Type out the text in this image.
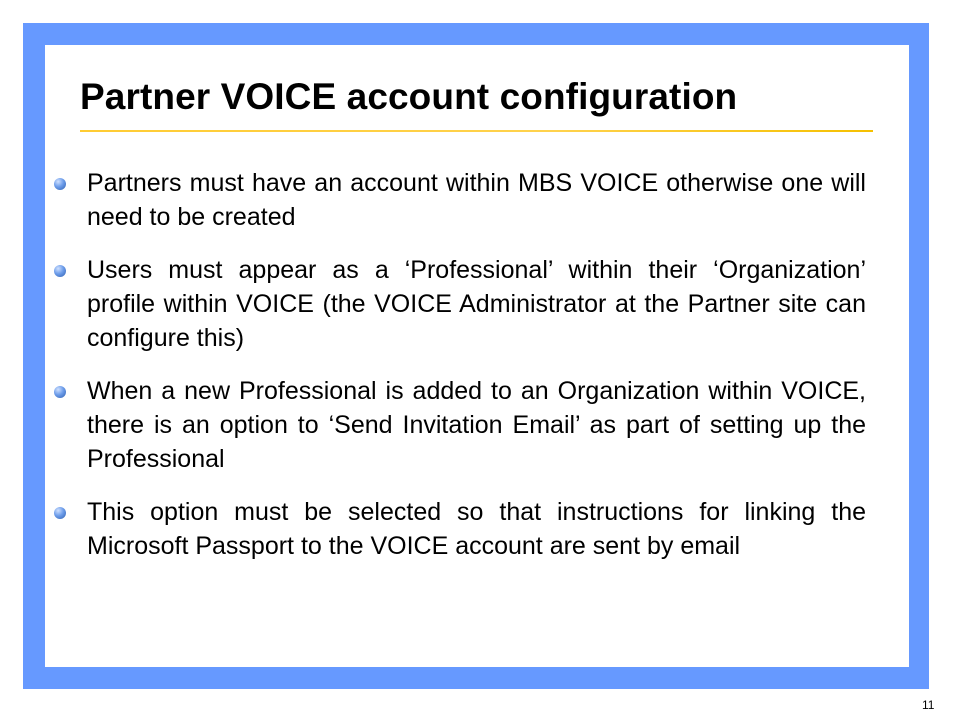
Partner VOICE account configuration
Partners must have an account within MBS VOICE otherwise one will need to be created
Users must appear as a ‘Professional’ within their ‘Organization’ profile within VOICE (the VOICE Administrator at the Partner site can configure this)
When a new Professional is added to an Organization within VOICE, there is an option to ‘Send Invitation Email’ as part of setting up the Professional
This option must be selected so that instructions for linking the Microsoft Passport to the VOICE account are sent by email
11
